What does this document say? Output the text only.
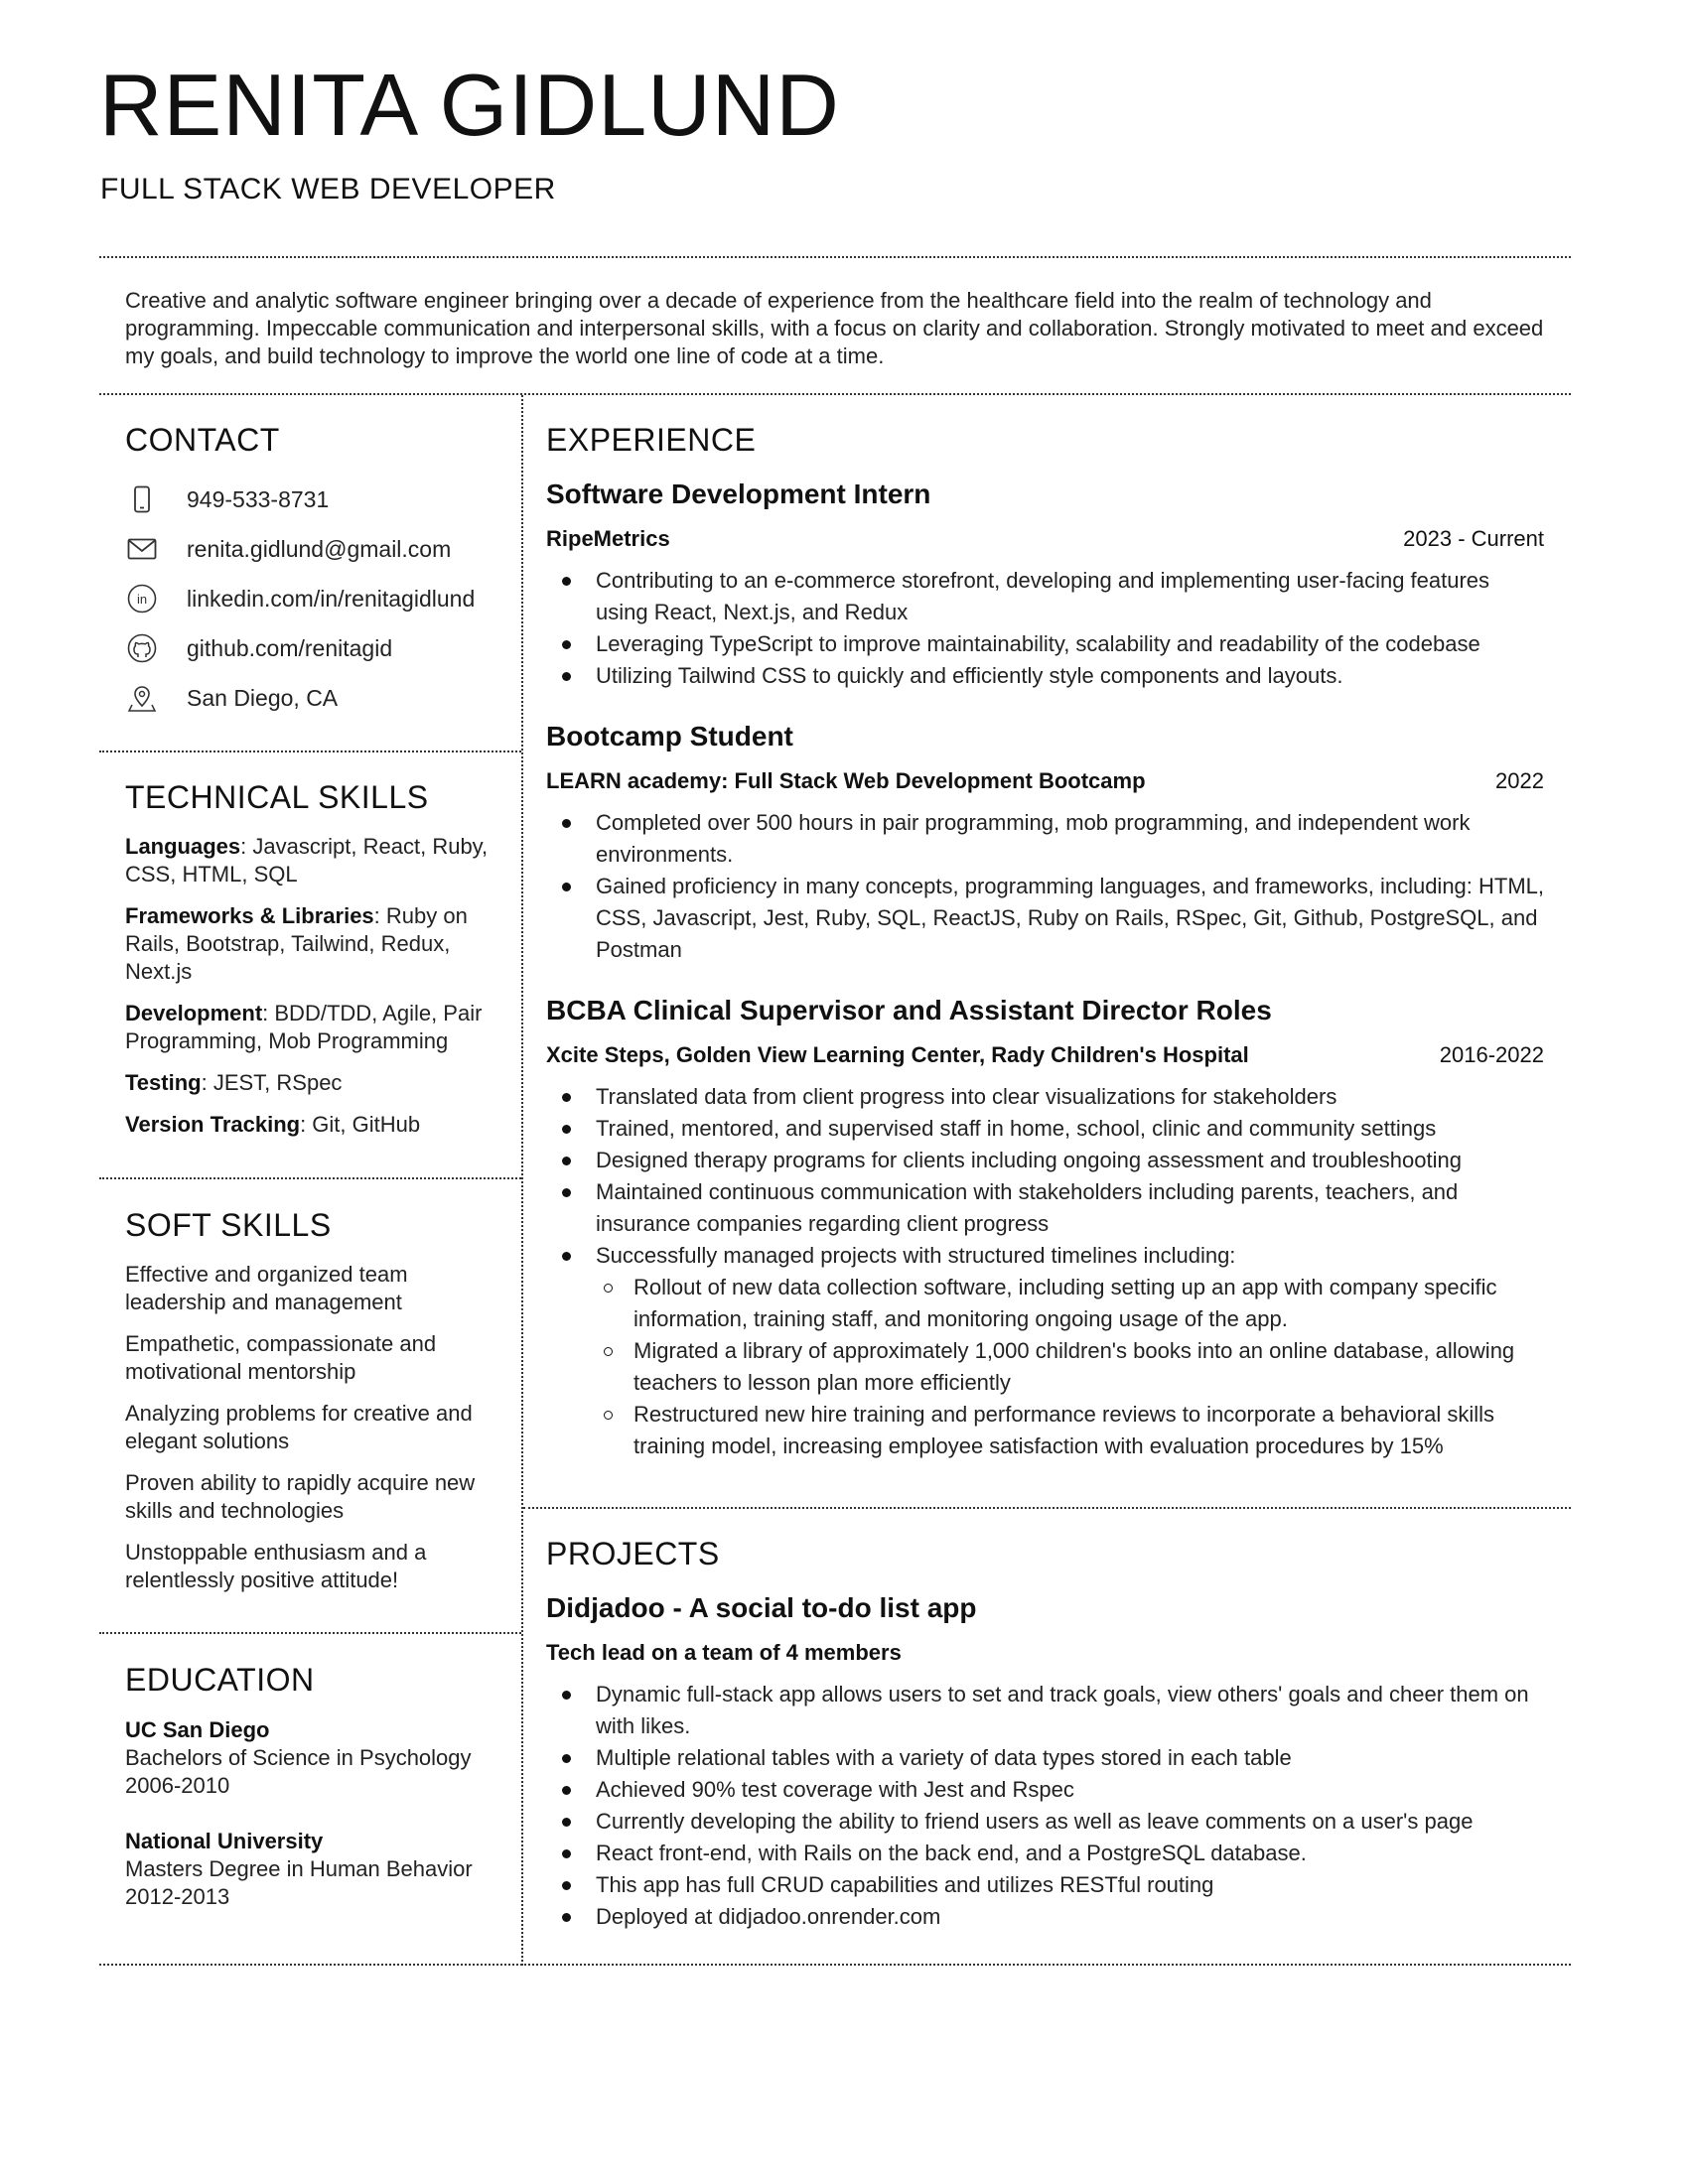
RENITA GIDLUND
FULL STACK WEB DEVELOPER
Creative and analytic software engineer bringing over a decade of experience from the healthcare field into the realm of technology and programming. Impeccable communication and interpersonal skills, with a focus on clarity and collaboration. Strongly motivated to meet and exceed my goals, and build technology to improve the world one line of code at a time.
CONTACT
949-533-8731
renita.gidlund@gmail.com
in linkedin.com/in/renitagidlund
github.com/renitagid
San Diego, CA
TECHNICAL SKILLS

Languages: Javascript, React, Ruby, CSS, HTML, SQL

Frameworks & Libraries: Ruby on Rails, Bootstrap, Tailwind, Redux, Next.js

Development: BDD/TDD, Agile, Pair Programming, Mob Programming

Testing: JEST, RSpec

Version Tracking: Git, GitHub

SOFT SKILLS

Effective and organized team leadership and management

Empathetic, compassionate and motivational mentorship

Analyzing problems for creative and elegant solutions

Proven ability to rapidly acquire new skills and technologies

Unstoppable enthusiasm and a relentlessly positive attitude!

EDUCATION
UC San Diego
Bachelors of Science in Psychology
2006-2010
National University
Masters Degree in Human Behavior
2012-2013
EXPERIENCE
Software Development Intern
RipeMetrics	2023 - Current
Contributing to an e-commerce storefront, developing and implementing user-facing features using React, Next.js, and Redux
Leveraging TypeScript to improve maintainability, scalability and readability of the codebase
Utilizing Tailwind CSS to quickly and efficiently style components and layouts.
Bootcamp Student
LEARN academy: Full Stack Web Development Bootcamp	2022
Completed over 500 hours in pair programming, mob programming, and independent work environments.
Gained proficiency in many concepts, programming languages, and frameworks, including: HTML, CSS, Javascript, Jest, Ruby, SQL, ReactJS, Ruby on Rails, RSpec, Git, Github, PostgreSQL, and Postman
BCBA Clinical Supervisor and Assistant Director Roles
Xcite Steps, Golden View Learning Center, Rady Children's Hospital	2016-2022
Translated data from client progress into clear visualizations for stakeholders
Trained, mentored, and supervised staff in home, school, clinic and community settings
Designed therapy programs for clients including ongoing assessment and troubleshooting
Maintained continuous communication with stakeholders including parents, teachers, and insurance companies regarding client progress
Successfully managed projects with structured timelines including:
Rollout of new data collection software, including setting up an app with company specific information, training staff, and monitoring ongoing usage of the app.
Migrated a library of approximately 1,000 children's books into an online database, allowing teachers to lesson plan more efficiently
Restructured new hire training and performance reviews to incorporate a behavioral skills training model, increasing employee satisfaction with evaluation procedures by 15%
PROJECTS
Didjadoo - A social to-do list app
Tech lead on a team of 4 members
Dynamic full-stack app allows users to set and track goals, view others' goals and cheer them on with likes.
Multiple relational tables with a variety of data types stored in each table
Achieved 90% test coverage with Jest and Rspec
Currently developing the ability to friend users as well as leave comments on a user's page
React front-end, with Rails on the back end, and a PostgreSQL database.
This app has full CRUD capabilities and utilizes RESTful routing
Deployed at didjadoo.onrender.com
